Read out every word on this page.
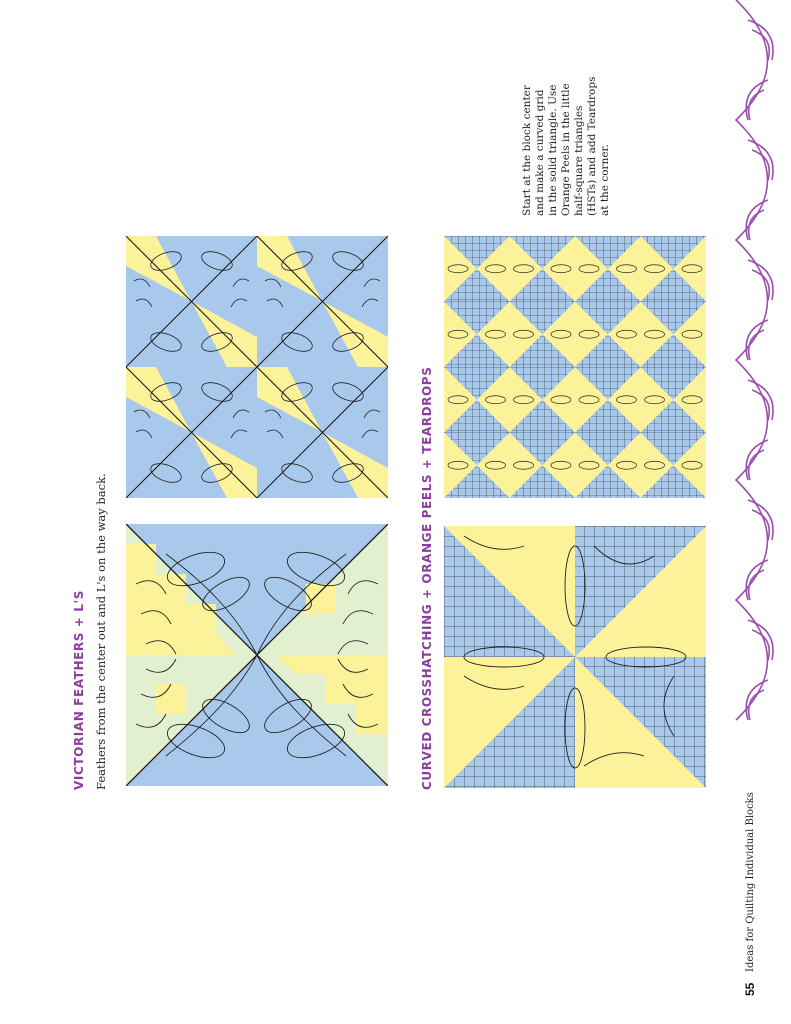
VICTORIAN FEATHERS + L'S Feathers from the center out and L's on the way back.	CURVED CROSSHATCHING + ORANGE PEELS + TEARDROPS
Start at the block center and make a curved grid in the solid triangle. Use Orange Peels in the little half-square triangles (HSTs) and add Teardrops at the corner.
55
Ideas for Quilting Individual Blocks
